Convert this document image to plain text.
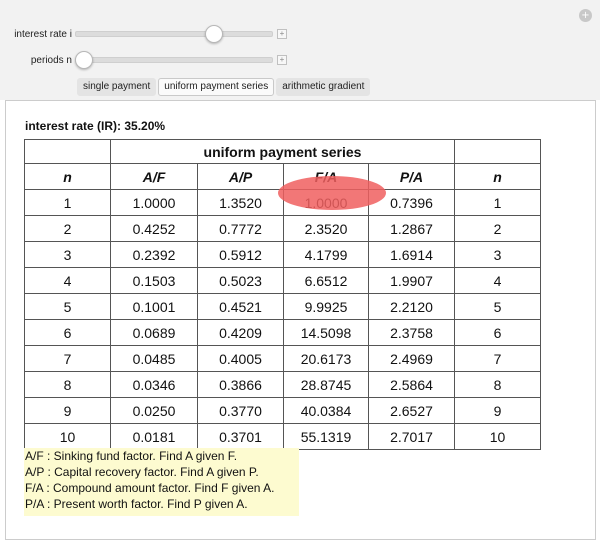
+
interest rate i	+
periods n	+
single payment	uniform payment series	arithmetic gradient
interest rate (IR): 35.20%
	uniform payment series				
n	A/F	A/P		P/A	n
1	1.0000	1.3520		0.7396	1
2	0.4252	0.7772	2.3520	1.2867	2
3	0.2392	0.5912	4.1799	1.6914	3
4	0.1503	0.5023	6.6512	1.9907	4
5	0.1001	0.4521	9.9925	2.2120	5
6	0.0689	0.4209	14.5098	2.3758	6
7	0.0485	0.4005	20.6173	2.4969	7
8	0.0346	0.3866	28.8745	2.5864	8
9	0.0250	0.3770	40.0384	2.6527	9
10	0.0181	0.3701	55.1319	2.7017	10
A/F : Sinking fund factor. Find A given F.
A/P : Capital recovery factor. Find A given P.
F/A : Compound amount factor. Find F given A.
P/A : Present worth factor. Find P given A.
